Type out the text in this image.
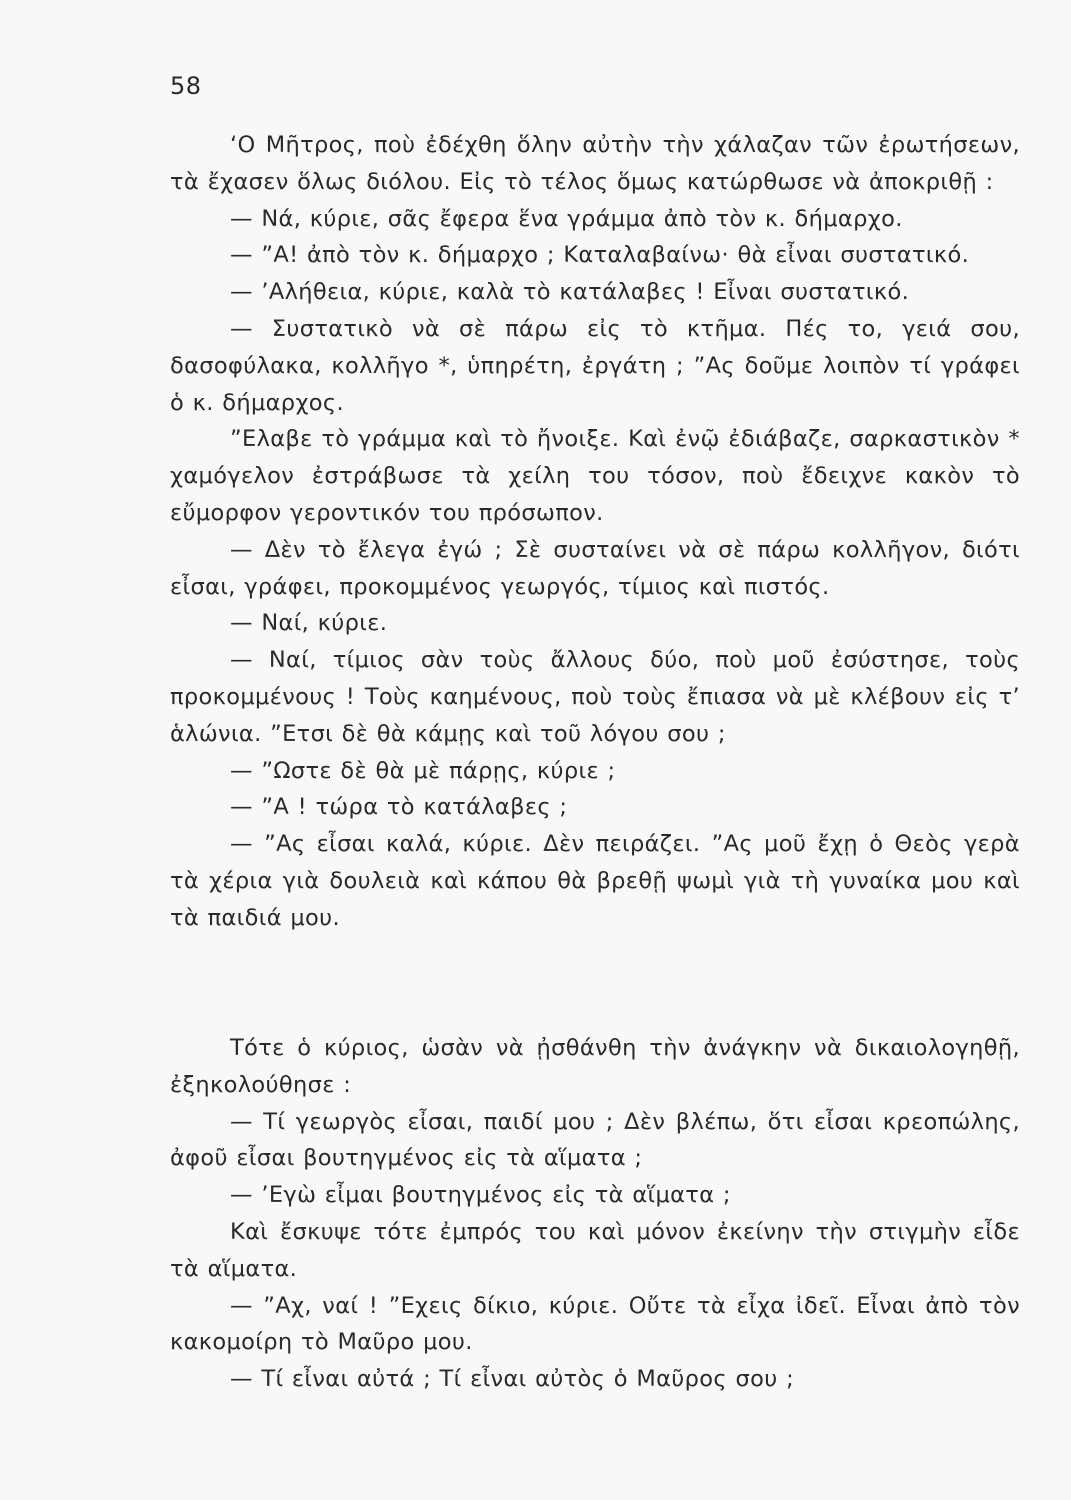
58

‘Ο Μῆτρος, ποὺ ἐδέχθη ὅλην αὐτὴν τὴν χάλαζαν τῶν ἐρωτήσεων, τὰ ἔχασεν ὅλως διόλου. Εἰς τὸ τέλος ὅμως κατώρθωσε νὰ ἀποκριθῇ :

— Νά, κύριε, σᾶς ἔφερα ἕνα γράμμα ἀπὸ τὸν κ. δήμαρχο.

— ”Α! ἀπὸ τὸν κ. δήμαρχο ; Καταλαβαίνω· θὰ εἶναι συστατικό.

— ’Αλήθεια, κύριε, καλὰ τὸ κατάλαβες ! Εἶναι συστατικό.

— Συστατικὸ νὰ σὲ πάρω εἰς τὸ κτῆμα. Πές το, γειά σου, δασοφύλακα, κολλῆγο *, ὑπηρέτη, ἐργάτη ; ”Ας δοῦμε λοιπὸν τί γράφει ὁ κ. δήμαρχος.

”Ελαβε τὸ γράμμα καὶ τὸ ἤνοιξε. Καὶ ἐνῷ ἐδιάβαζε, σαρκαστικὸν * χαμόγελον ἐστράβωσε τὰ χείλη του τόσον, ποὺ ἔδειχνε κακὸν τὸ εὔμορφον γεροντικόν του πρόσωπον.

— Δὲν τὸ ἔλεγα ἐγώ ; Σὲ συσταίνει νὰ σὲ πάρω κολλῆγον, διότι εἶσαι, γράφει, προκομμένος γεωργός, τίμιος καὶ πιστός.

— Ναί, κύριε.

— Ναί, τίμιος σὰν τοὺς ἄλλους δύο, ποὺ μοῦ ἐσύστησε, τοὺς προκομμένους ! Τοὺς καημένους, ποὺ τοὺς ἔπιασα νὰ μὲ κλέβουν εἰς τ’ ἁλώνια. ”Ετσι δὲ θὰ κάμῃς καὶ τοῦ λόγου σου ;

— ”Ωστε δὲ θὰ μὲ πάρῃς, κύριε ;

— ”Α ! τώρα τὸ κατάλαβες ;

— ”Ας εἶσαι καλά, κύριε. Δὲν πειράζει. ”Ας μοῦ ἔχῃ ὁ Θεὸς γερὰ τὰ χέρια γιὰ δουλειὰ καὶ κάπου θὰ βρεθῇ ψωμὶ γιὰ τὴ γυναίκα μου καὶ τὰ παιδιά μου.

Τότε ὁ κύριος, ὡσὰν νὰ ᾐσθάνθη τὴν ἀνάγκην νὰ δικαιολογηθῇ, ἐξηκολούθησε :

— Τί γεωργὸς εἶσαι, παιδί μου ; Δὲν βλέπω, ὅτι εἶσαι κρεοπώλης, ἀφοῦ εἶσαι βουτηγμένος εἰς τὰ αἵματα ;

— ’Εγὼ εἶμαι βουτηγμένος εἰς τὰ αἵματα ;

Καὶ ἔσκυψε τότε ἐμπρός του καὶ μόνον ἐκείνην τὴν στιγμὴν εἶδε τὰ αἵματα.

— ”Αχ, ναί ! ”Εχεις δίκιο, κύριε. Οὔτε τὰ εἶχα ἰδεῖ. Εἶναι ἀπὸ τὸν κακομοίρη τὸ Μαῦρο μου.

— Τί εἶναι αὐτά ; Τί εἶναι αὐτὸς ὁ Μαῦρος σου ;
